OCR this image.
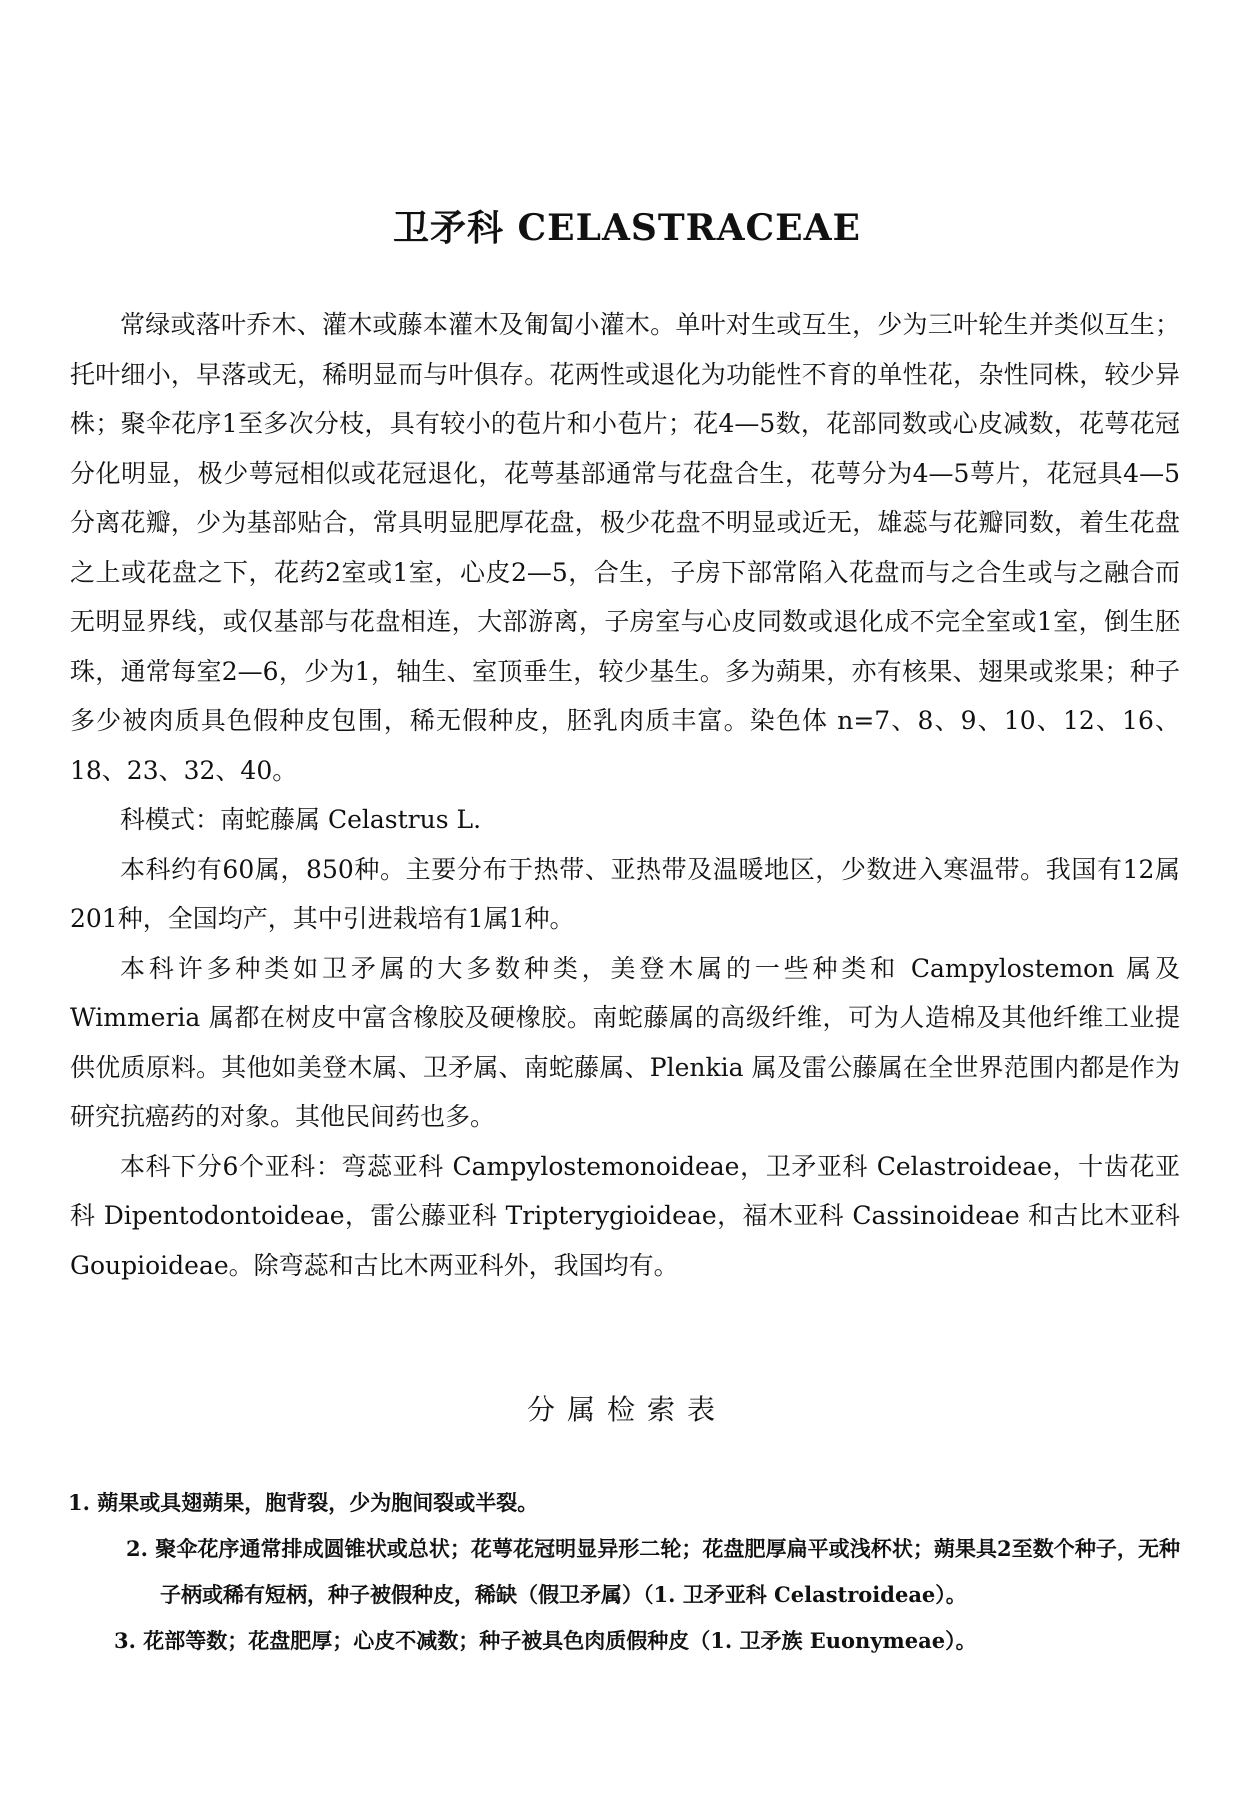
卫矛科 CELASTRACEAE

常绿或落叶乔木、灌木或藤本灌木及匍匐小灌木。单叶对生或互生，少为三叶轮生并类似互生；托叶细小，早落或无，稀明显而与叶俱存。花两性或退化为功能性不育的单性花，杂性同株，较少异株；聚伞花序1至多次分枝，具有较小的苞片和小苞片；花4—5数，花部同数或心皮减数，花萼花冠分化明显，极少萼冠相似或花冠退化，花萼基部通常与花盘合生，花萼分为4—5萼片，花冠具4—5分离花瓣，少为基部贴合，常具明显肥厚花盘，极少花盘不明显或近无，雄蕊与花瓣同数，着生花盘之上或花盘之下，花药2室或1室，心皮2—5，合生，子房下部常陷入花盘而与之合生或与之融合而无明显界线，或仅基部与花盘相连，大部游离，子房室与心皮同数或退化成不完全室或1室，倒生胚珠，通常每室2—6，少为1，轴生、室顶垂生，较少基生。多为蒴果，亦有核果、翅果或浆果；种子多少被肉质具色假种皮包围，稀无假种皮，胚乳肉质丰富。染色体 n=7、8、9、10、12、16、18、23、32、40。

科模式：南蛇藤属 Celastrus L.

本科约有60属，850种。主要分布于热带、亚热带及温暖地区，少数进入寒温带。我国有12属201种，全国均产，其中引进栽培有1属1种。

本科许多种类如卫矛属的大多数种类，美登木属的一些种类和 Campylostemon 属及 Wimmeria 属都在树皮中富含橡胶及硬橡胶。南蛇藤属的高级纤维，可为人造棉及其他纤维工业提供优质原料。其他如美登木属、卫矛属、南蛇藤属、Plenkia 属及雷公藤属在全世界范围内都是作为研究抗癌药的对象。其他民间药也多。

本科下分6个亚科：弯蕊亚科 Campylostemonoideae，卫矛亚科 Celastroideae，十齿花亚科 Dipentodontoideae，雷公藤亚科 Tripterygioideae，福木亚科 Cassinoideae 和古比木亚科 Goupioideae。除弯蕊和古比木两亚科外，我国均有。

分属检索表

1. 蒴果或具翅蒴果，胞背裂，少为胞间裂或半裂。

2. 聚伞花序通常排成圆锥状或总状；花萼花冠明显异形二轮；花盘肥厚扁平或浅杯状；蒴果具2至数个种子，无种子柄或稀有短柄，种子被假种皮，稀缺（假卫矛属）（1. 卫矛亚科 Celastroideae）。

3. 花部等数；花盘肥厚；心皮不减数；种子被具色肉质假种皮（1. 卫矛族 Euonymeae）。
